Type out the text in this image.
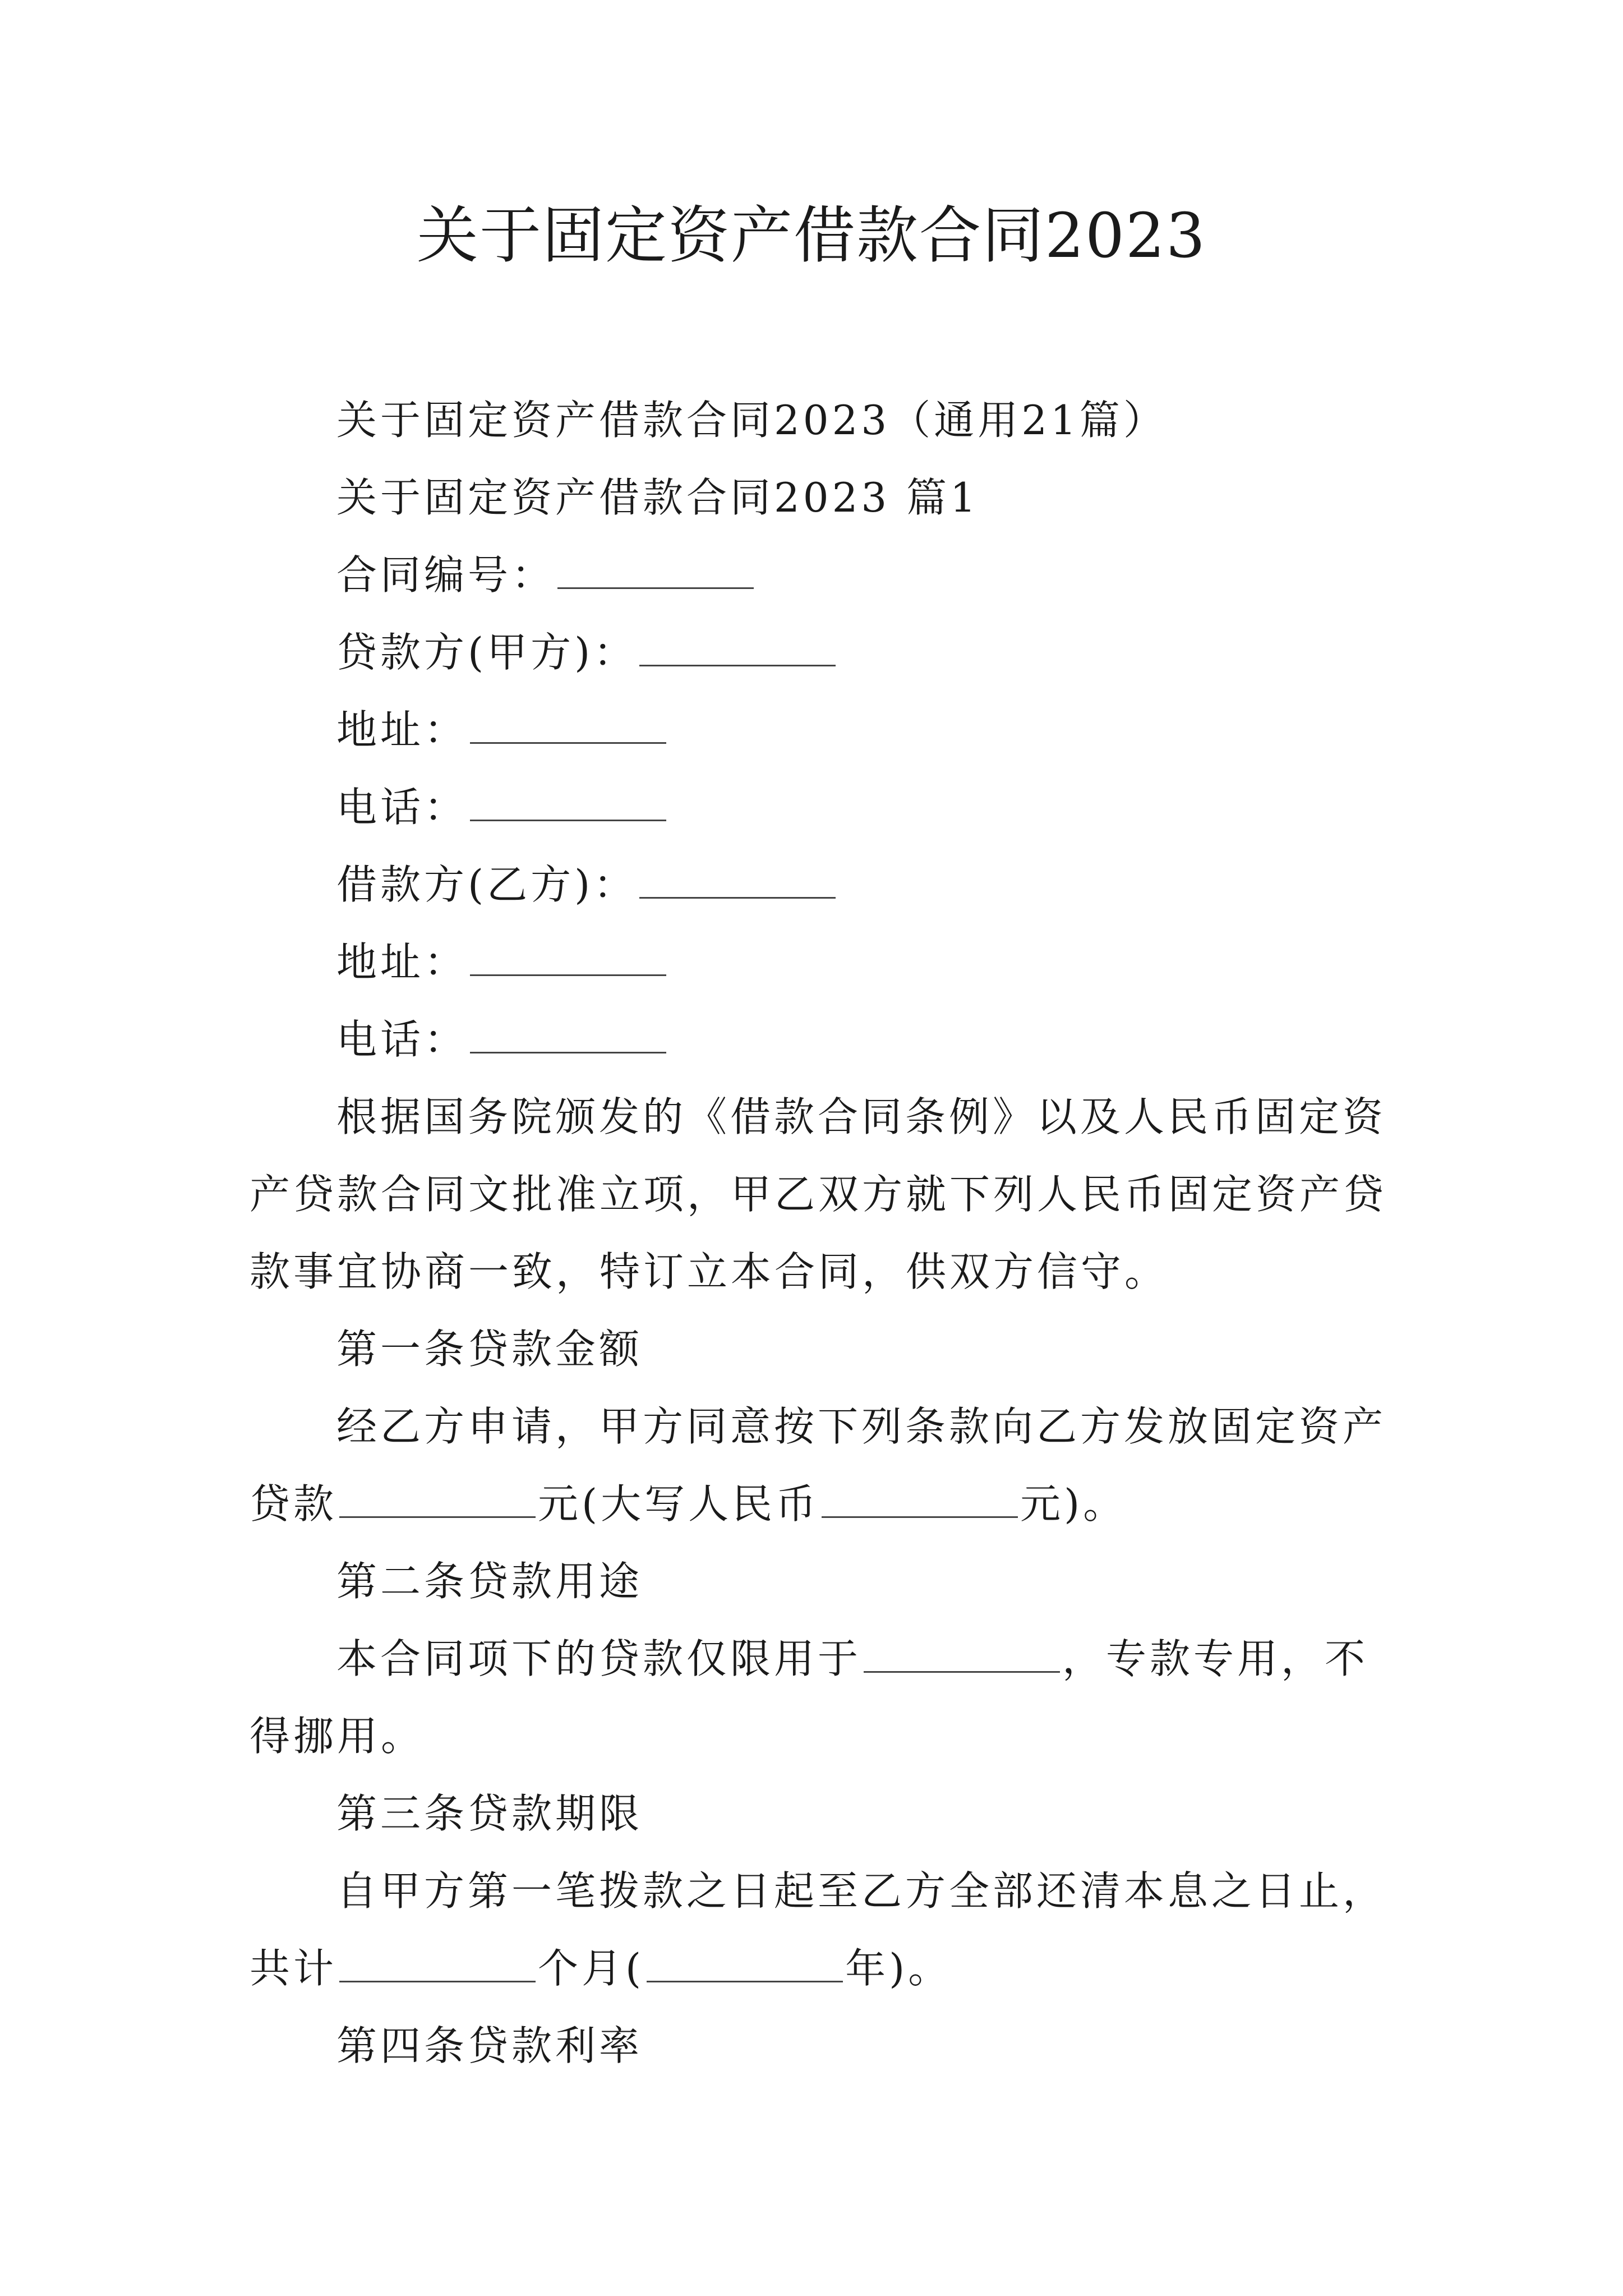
关于固定资产借款合同2023
关于固定资产借款合同2023（通用21篇）
关于固定资产借款合同2023 篇1
合同编号：
贷款方(甲方)：
地址：
电话：
借款方(乙方)：
地址：
电话：
根据国务院颁发的《借款合同条例》以及人民币固定资产贷款合同文批准立项，甲乙双方就下列人民币固定资产贷款事宜协商一致，特订立本合同，供双方信守。
第一条贷款金额
经乙方申请，甲方同意按下列条款向乙方发放固定资产
贷款	元(大写人民币	元)。
第二条贷款用途
本合同项下的贷款仅限用于	，专款专用，不
得挪用。
第三条贷款期限
自甲方第一笔拨款之日起至乙方全部还清本息之日止，
共计	个月(	年)。
第四条贷款利率
